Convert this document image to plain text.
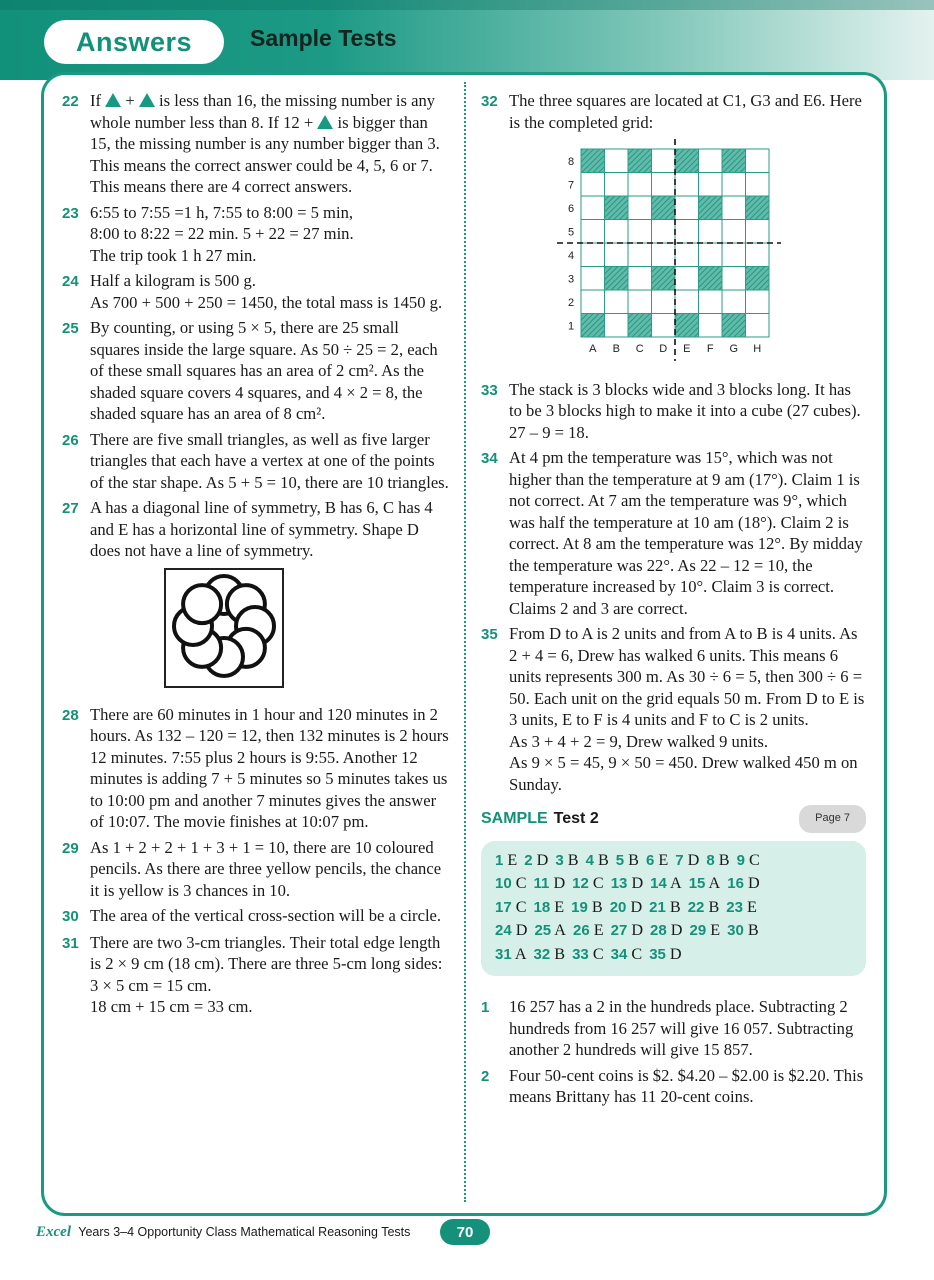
Answers	Sample Tests
22 If  +  is less than 16, the missing number is any whole number less than 8. If 12 +  is bigger than 15, the missing number is any number bigger than 3. This means the correct answer could be 4, 5, 6 or 7. This means there are 4 correct answers.

23 6:55 to 7:55 =1 h, 7:55 to 8:00 = 5 min,

8:00 to 8:22 = 22 min. 5 + 22 = 27 min.

The trip took 1 h 27 min.

24 Half a kilogram is 500 g.

As 700 + 500 + 250 = 1450, the total mass is 1450 g.

25 By counting, or using 5 × 5, there are 25 small squares inside the large square. As 50 ÷ 25 = 2, each of these small squares has an area of 2 cm². As the shaded square covers 4 squares, and 4 × 2 = 8, the shaded square has an area of 8 cm².

26 There are five small triangles, as well as five larger triangles that each have a vertex at one of the points of the star shape. As 5 + 5 = 10, there are 10 triangles.

27 A has a diagonal line of symmetry, B has 6, C has 4 and E has a horizontal line of symmetry. Shape D does not have a line of symmetry.

28 There are 60 minutes in 1 hour and 120 minutes in 2 hours. As 132 – 120 = 12, then 132 minutes is 2 hours 12 minutes. 7:55 plus 2 hours is 9:55. Another 12 minutes is adding 7 + 5 minutes so 5 minutes takes us to 10:00 pm and another 7 minutes gives the answer of 10:07. The movie finishes at 10:07 pm.

29 As 1 + 2 + 2 + 1 + 3 + 1 = 10, there are 10 coloured pencils. As there are three yellow pencils, the chance it is yellow is 3 chances in 10.

30 The area of the vertical cross-section will be a circle.

31 There are two 3-cm triangles. Their total edge length is 2 × 9 cm (18 cm). There are three 5-cm long sides: 3 × 5 cm = 15 cm.

18 cm + 15 cm = 33 cm.

32 The three squares are located at C1, G3 and E6. Here is the completed grid:

8
7
6
5
4
3
2
1
A B C D E F G H
33 The stack is 3 blocks wide and 3 blocks long. It has to be 3 blocks high to make it into a cube (27 cubes). 27 – 9 = 18.

34 At 4 pm the temperature was 15°, which was not higher than the temperature at 9 am (17°). Claim 1 is not correct. At 7 am the temperature was 9°, which was half the temperature at 10 am (18°). Claim 2 is correct. At 8 am the temperature was 12°. By midday the temperature was 22°. As 22 – 12 = 10, the temperature increased by 10°. Claim 3 is correct. Claims 2 and 3 are correct.

35 From D to A is 2 units and from A to B is 4 units. As 2 + 4 = 6, Drew has walked 6 units. This means 6 units represents 300 m. As 30 ÷ 6 = 5, then 300 ÷ 6 = 50. Each unit on the grid equals 50 m. From D to E is 3 units, E to F is 4 units and F to C is 2 units.

As 3 + 4 + 2 = 9, Drew walked 9 units.

As 9 × 5 = 45, 9 × 50 = 450. Drew walked 450 m on Sunday.

SAMPLE Test 2	Page 7
1 E 2 D 3 B 4 B 5 B 6 E 7 D 8 B 9 C
10 C 11 D 12 C 13 D 14 A 15 A 16 D
17 C 18 E 19 B 20 D 21 B 22 B 23 E
24 D 25 A 26 E 27 D 28 D 29 E 30 B
31 A 32 B 33 C 34 C 35 D
1	16 257 has a 2 in the hundreds place. Subtracting 2 hundreds from 16 257 will give 16 057. Subtracting another 2 hundreds will give 15 857.

2	Four 50-cent coins is $2. $4.20 – $2.00 is $2.20. This means Brittany has 11 20-cent coins.

Excel Years 3–4 Opportunity Class Mathematical Reasoning Tests	70
